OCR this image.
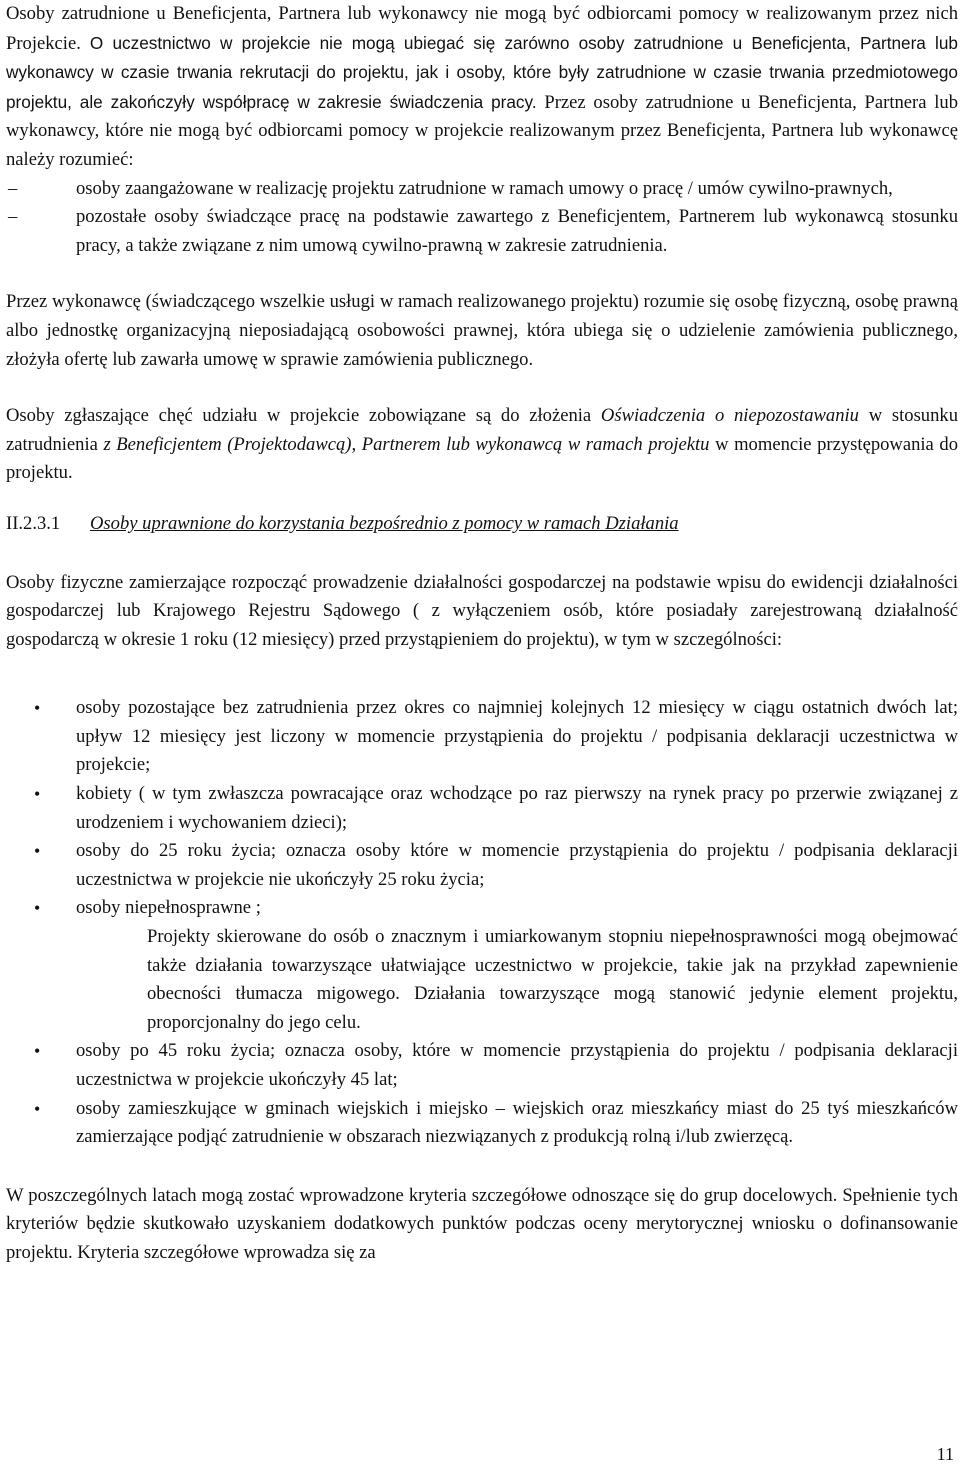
Osoby zatrudnione u Beneficjenta, Partnera lub wykonawcy nie mogą być odbiorcami pomocy w realizowanym przez nich Projekcie. O uczestnictwo w projekcie nie mogą ubiegać się zarówno osoby zatrudnione u Beneficjenta, Partnera lub wykonawcy w czasie trwania rekrutacji do projektu, jak i osoby, które były zatrudnione w czasie trwania przedmiotowego projektu, ale zakończyły współpracę w zakresie świadczenia pracy. Przez osoby zatrudnione u Beneficjenta, Partnera lub wykonawcy, które nie mogą być odbiorcami pomocy w projekcie realizowanym przez Beneficjenta, Partnera lub wykonawcę należy rozumieć:

–	osoby zaangażowane w realizację projektu zatrudnione w ramach umowy o pracę / umów cywilno-prawnych,
–	pozostałe osoby świadczące pracę na podstawie zawartego z Beneficjentem, Partnerem lub wykonawcą stosunku pracy, a także związane z nim umową cywilno-prawną w zakresie zatrudnienia.

Przez wykonawcę (świadczącego wszelkie usługi w ramach realizowanego projektu) rozumie się osobę fizyczną, osobę prawną albo jednostkę organizacyjną nieposiadającą osobowości prawnej, która ubiega się o udzielenie zamówienia publicznego, złożyła ofertę lub zawarła umowę w sprawie zamówienia publicznego.

Osoby zgłaszające chęć udziału w projekcie zobowiązane są do złożenia Oświadczenia o niepozostawaniu w stosunku zatrudnienia z Beneficjentem (Projektodawcą), Partnerem lub wykonawcą w ramach projektu w momencie przystępowania do projektu.

II.2.3.1	Osoby uprawnione do korzystania bezpośrednio z pomocy w ramach Działania

Osoby fizyczne zamierzające rozpocząć prowadzenie działalności gospodarczej na podstawie wpisu do ewidencji działalności gospodarczej lub Krajowego Rejestru Sądowego ( z wyłączeniem osób, które posiadały zarejestrowaną działalność gospodarczą w okresie 1 roku (12 miesięcy) przed przystąpieniem do projektu), w tym w szczególności:

• osoby pozostające bez zatrudnienia przez okres co najmniej kolejnych 12 miesięcy w ciągu ostatnich dwóch lat; upływ 12 miesięcy jest liczony w momencie przystąpienia do projektu / podpisania deklaracji uczestnictwa w projekcie;
• kobiety ( w tym zwłaszcza powracające oraz wchodzące po raz pierwszy na rynek pracy po przerwie związanej z urodzeniem i wychowaniem dzieci);
• osoby do 25 roku życia; oznacza osoby które w momencie przystąpienia do projektu / podpisania deklaracji uczestnictwa w projekcie nie ukończyły 25 roku życia;
• osoby niepełnosprawne ;

Projekty skierowane do osób o znacznym i umiarkowanym stopniu niepełnosprawności mogą obejmować także działania towarzyszące ułatwiające uczestnictwo w projekcie, takie jak na przykład zapewnienie obecności tłumacza migowego. Działania towarzyszące mogą stanowić jedynie element projektu, proporcjonalny do jego celu.

• osoby po 45 roku życia; oznacza osoby, które w momencie przystąpienia do projektu / podpisania deklaracji uczestnictwa w projekcie ukończyły 45 lat;
• osoby zamieszkujące w gminach wiejskich i miejsko – wiejskich oraz mieszkańcy miast do 25 tyś mieszkańców zamierzające podjąć zatrudnienie w obszarach niezwiązanych z produkcją rolną i/lub zwierzęcą.

W poszczególnych latach mogą zostać wprowadzone kryteria szczegółowe odnoszące się do grup docelowych. Spełnienie tych kryteriów będzie skutkowało uzyskaniem dodatkowych punktów podczas oceny merytorycznej wniosku o dofinansowanie projektu. Kryteria szczegółowe wprowadza się za

11
